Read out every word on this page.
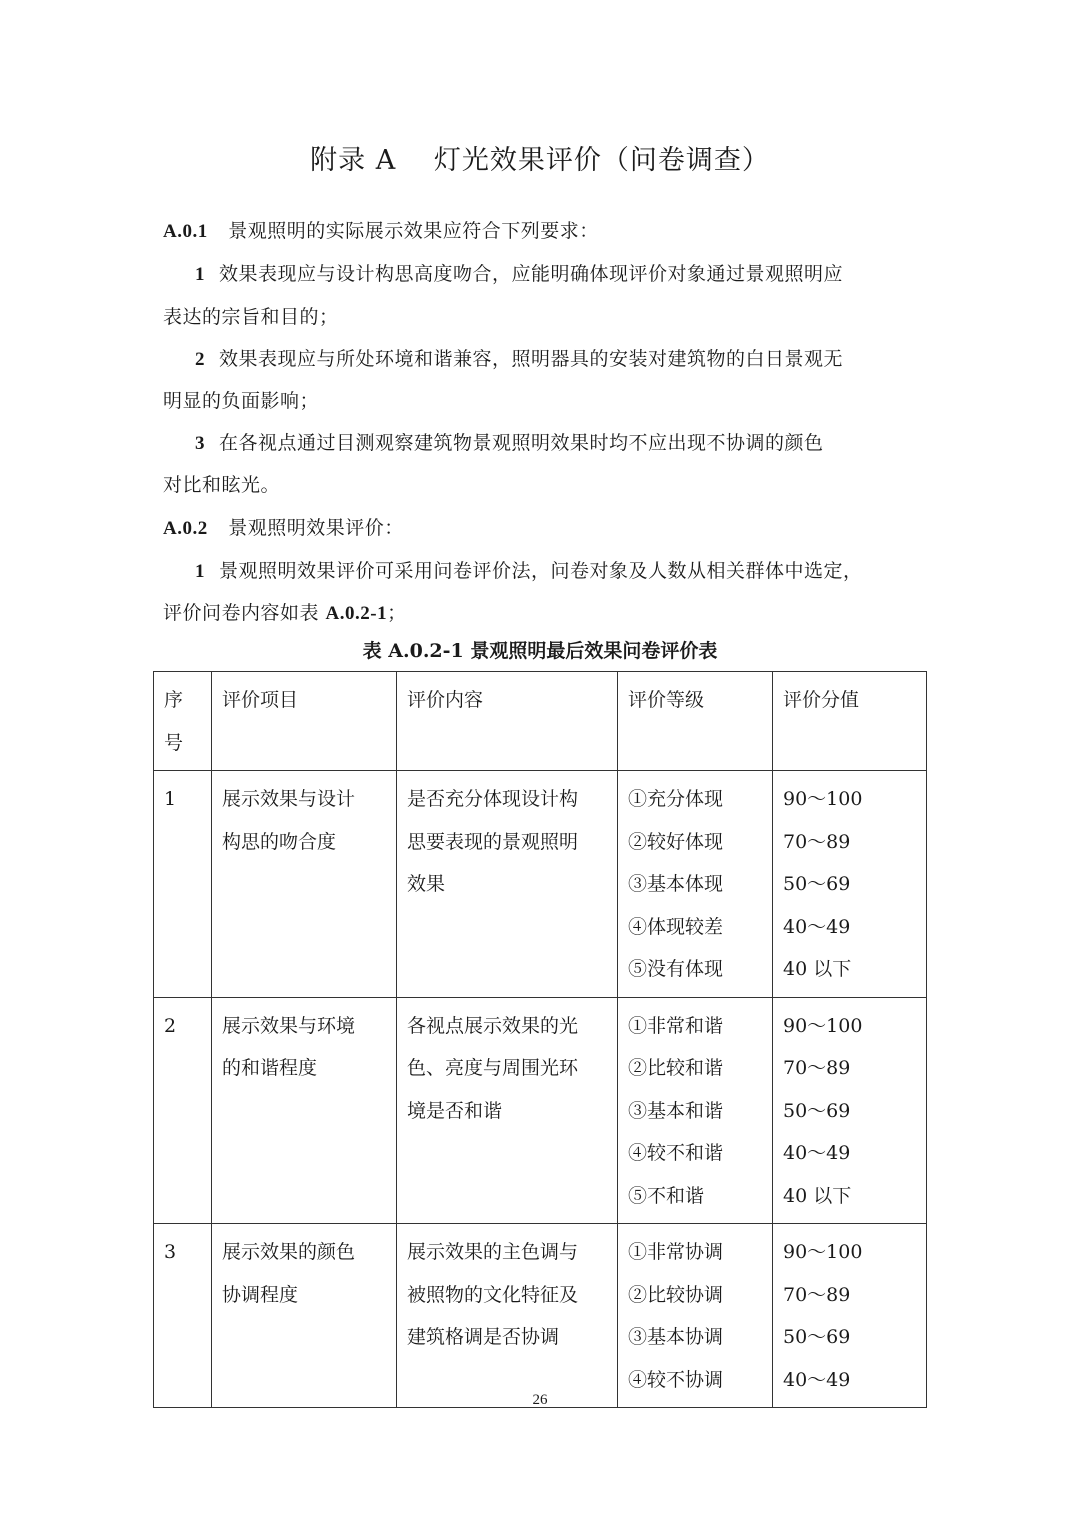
附录 A　 灯光效果评价（问卷调查）
A.0.1 景观照明的实际展示效果应符合下列要求：
1 效果表现应与设计构思高度吻合，应能明确体现评价对象通过景观照明应
表达的宗旨和目的；
2 效果表现应与所处环境和谐兼容，照明器具的安装对建筑物的白日景观无
明显的负面影响；
3 在各视点通过目测观察建筑物景观照明效果时均不应出现不协调的颜色
对比和眩光。
A.0.2 景观照明效果评价：
1 景观照明效果评价可采用问卷评价法，问卷对象及人数从相关群体中选定，
评价问卷内容如表 A.0.2-1；
表 A.0.2-1 景观照明最后效果问卷评价表
序
号	评价项目	评价内容	评价等级	评价分值

1	展示效果与设计
构思的吻合度	是否充分体现设计构
思要表现的景观照明
效果	①充分体现
②较好体现
③基本体现
④体现较差
⑤没有体现	90～100
70～89
50～69
40～49
40 以下

2	展示效果与环境
的和谐程度	各视点展示效果的光
色、亮度与周围光环
境是否和谐	①非常和谐
②比较和谐
③基本和谐
④较不和谐
⑤不和谐	90～100
70～89
50～69
40～49
40 以下

3	展示效果的颜色
协调程度	展示效果的主色调与
被照物的文化特征及
建筑格调是否协调	①非常协调
②比较协调
③基本协调
④较不协调	90～100
70～89
50～69
40～49
26
